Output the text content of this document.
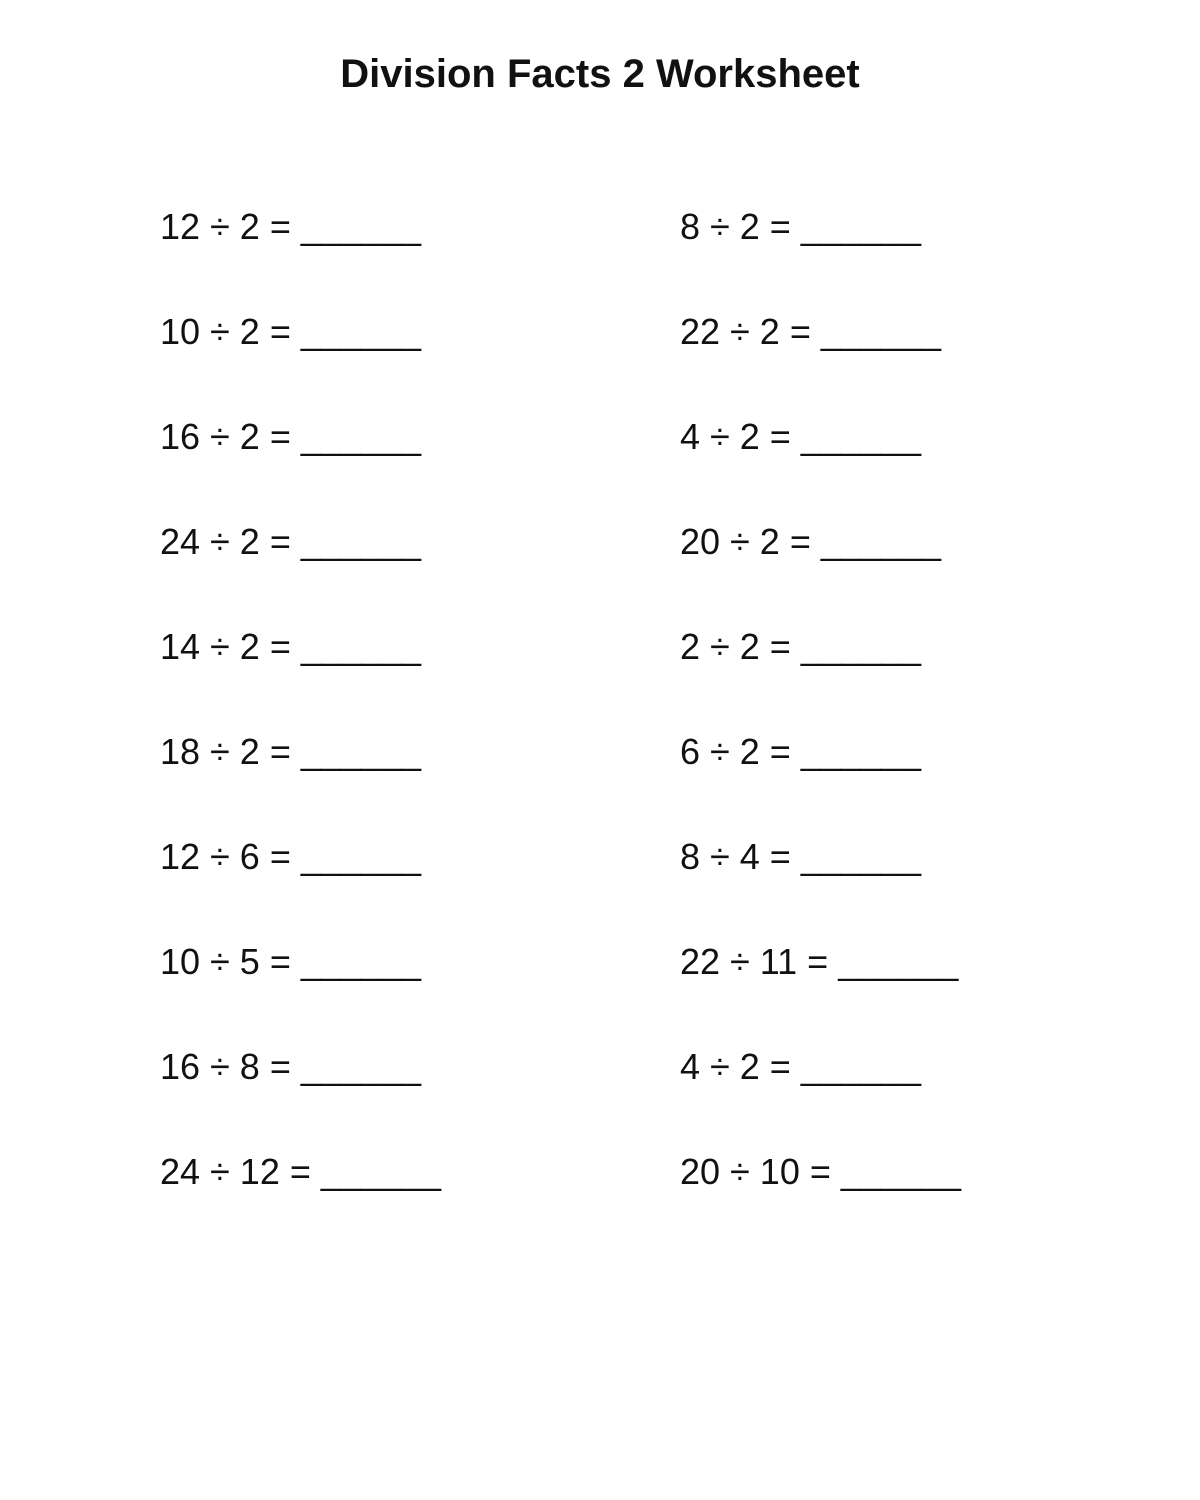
Division Facts 2 Worksheet
12 ÷ 2 = ______	8 ÷ 2 = ______
10 ÷ 2 = ______	22 ÷ 2 = ______
16 ÷ 2 = ______	4 ÷ 2 = ______
24 ÷ 2 = ______	20 ÷ 2 = ______
14 ÷ 2 = ______	2 ÷ 2 = ______
18 ÷ 2 = ______	6 ÷ 2 = ______
12 ÷ 6 = ______	8 ÷ 4 = ______
10 ÷ 5 = ______	22 ÷ 11 = ______
16 ÷ 8 = ______	4 ÷ 2 = ______
24 ÷ 12 = ______	20 ÷ 10 = ______
